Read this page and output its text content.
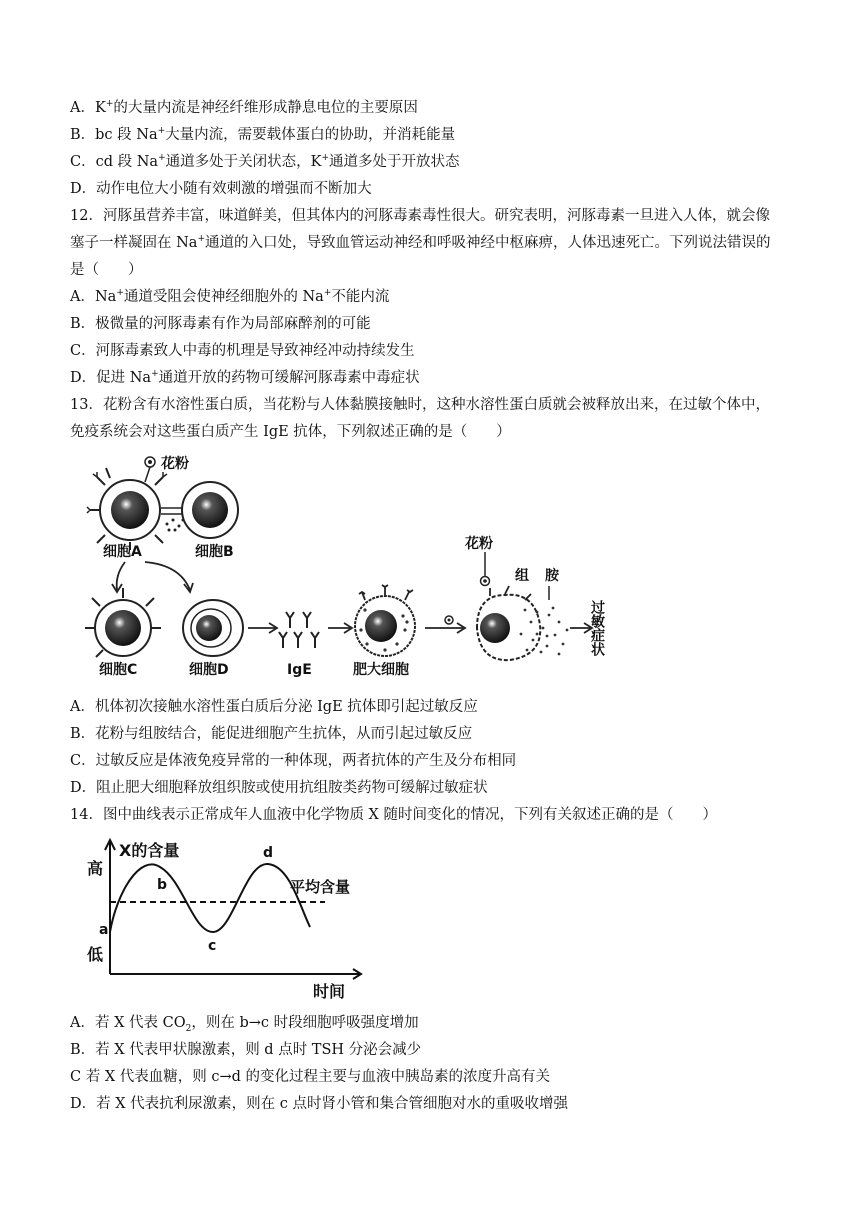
A．K+的大量内流是神经纤维形成静息电位的主要原因
B．bc 段 Na+大量内流，需要载体蛋白的协助，并消耗能量
C．cd 段 Na+通道多处于关闭状态，K+通道多处于开放状态
D．动作电位大小随有效刺激的增强而不断加大
12．河豚虽营养丰富，味道鲜美，但其体内的河豚毒素毒性很大。研究表明，河豚毒素一旦进入人体，就会像
塞子一样凝固在 Na+通道的入口处，导致血管运动神经和呼吸神经中枢麻痹，人体迅速死亡。下列说法错误的
是（　　）
A．Na+通道受阻会使神经细胞外的 Na+不能内流
B．极微量的河豚毒素有作为局部麻醉剂的可能
C．河豚毒素致人中毒的机理是导致神经冲动持续发生
D．促进 Na+通道开放的药物可缓解河豚毒素中毒症状
13．花粉含有水溶性蛋白质，当花粉与人体黏膜接触时，这种水溶性蛋白质就会被释放出来，在过敏个体中，
免疫系统会对这些蛋白质产生 IgE 抗体，下列叙述正确的是（　　）
花粉
细胞A	细胞B
细胞C	细胞D	IgE	肥大细胞
花粉
组 胺
过敏症状
A．机体初次接触水溶性蛋白质后分泌 IgE 抗体即引起过敏反应
B．花粉与组胺结合，能促进细胞产生抗体，从而引起过敏反应
C．过敏反应是体液免疫异常的一种体现，两者抗体的产生及分布相同
D．阻止肥大细胞释放组织胺或使用抗组胺类药物可缓解过敏症状
14．图中曲线表示正常成年人血液中化学物质 X 随时间变化的情况，下列有关叙述正确的是（　　）
X的含量
高
低
时间
平均含量
a
b
c
d
A．若 X 代表 $CO_2$，则在 b→c 时段细胞呼吸强度增加
B．若 X 代表甲状腺激素，则 d 点时 TSH 分泌会减少
C 若 X 代表血糖，则 c→d 的变化过程主要与血液中胰岛素的浓度升高有关
D．若 X 代表抗利尿激素，则在 c 点时肾小管和集合管细胞对水的重吸收增强
